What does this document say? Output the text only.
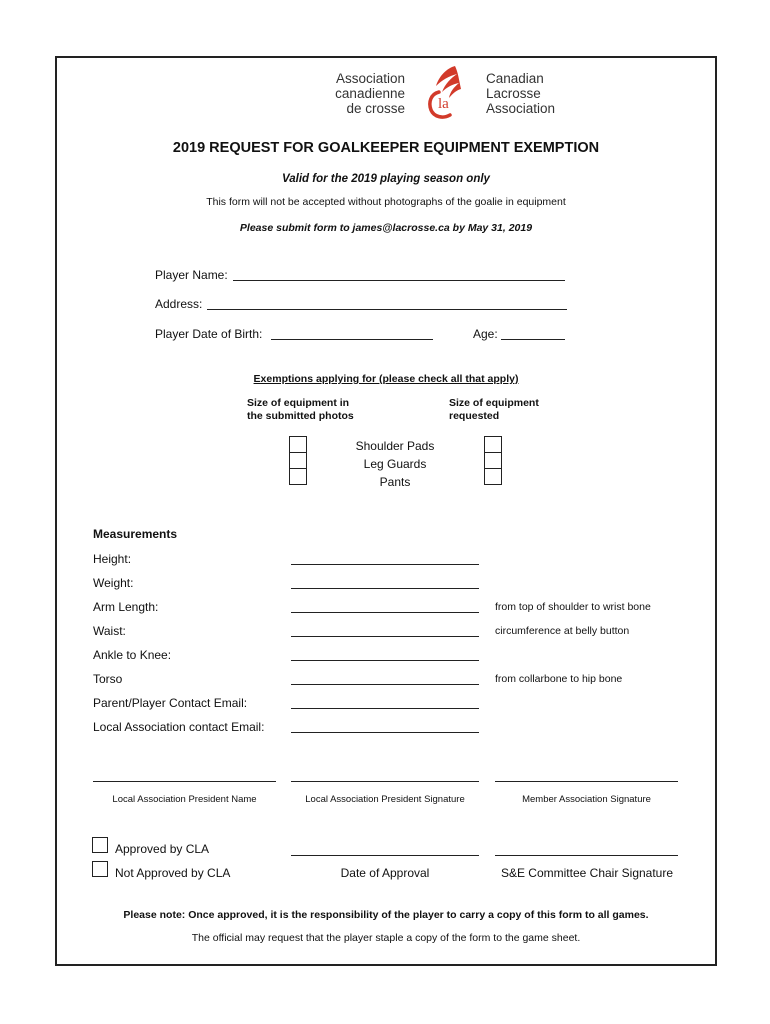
Association
canadienne
de crosse la
Canadian
Lacrosse
Association
2019 REQUEST FOR GOALKEEPER EQUIPMENT EXEMPTION
Valid for the 2019 playing season only
This form will not be accepted without photographs of the goalie in equipment
Please submit form to james@lacrosse.ca by May 31, 2019
Player Name:
Address:
Player Date of Birth:	Age:
Exemptions applying for (please check all that apply)
Size of equipment in
the submitted photos
Size of equipment
requested
Shoulder Pads
Leg Guards
Pants
Measurements
Height:
Weight:
Arm Length:	from top of shoulder to wrist bone
Waist:	circumference at belly button
Ankle to Knee:
Torso	from collarbone to hip bone
Parent/Player Contact Email:
Local Association contact Email:
Local Association President Name	Local Association President Signature	Member Association Signature
Approved by CLA
Not Approved by CLA	Date of Approval	S&E Committee Chair Signature
Please note: Once approved, it is the responsibility of the player to carry a copy of this form to all games.
The official may request that the player staple a copy of the form to the game sheet.
